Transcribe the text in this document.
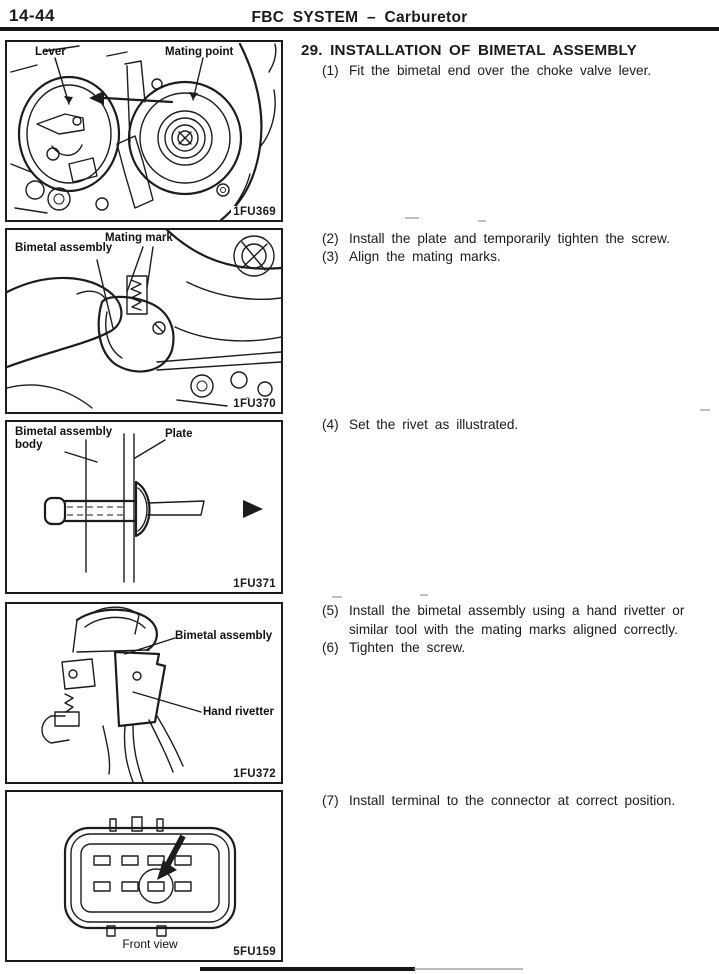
14-44	FBC SYSTEM – Carburetor
Lever	Mating point
1FU369
Bimetal assembly
Mating mark
1FU370
Bimetal assembly body
Plate
1FU371
Bimetal assembly
Hand rivetter
1FU372
Front view
5FU159
29. INSTALLATION OF BIMETAL ASSEMBLY
(1) Fit the bimetal end over the choke valve lever.
(2) Install the plate and temporarily tighten the screw.
(3) Align the mating marks.
(4) Set the rivet as illustrated.
(5) Install the bimetal assembly using a hand rivetter or similar tool with the mating marks aligned correctly.
(6) Tighten the screw.
(7) Install terminal to the connector at correct position.
